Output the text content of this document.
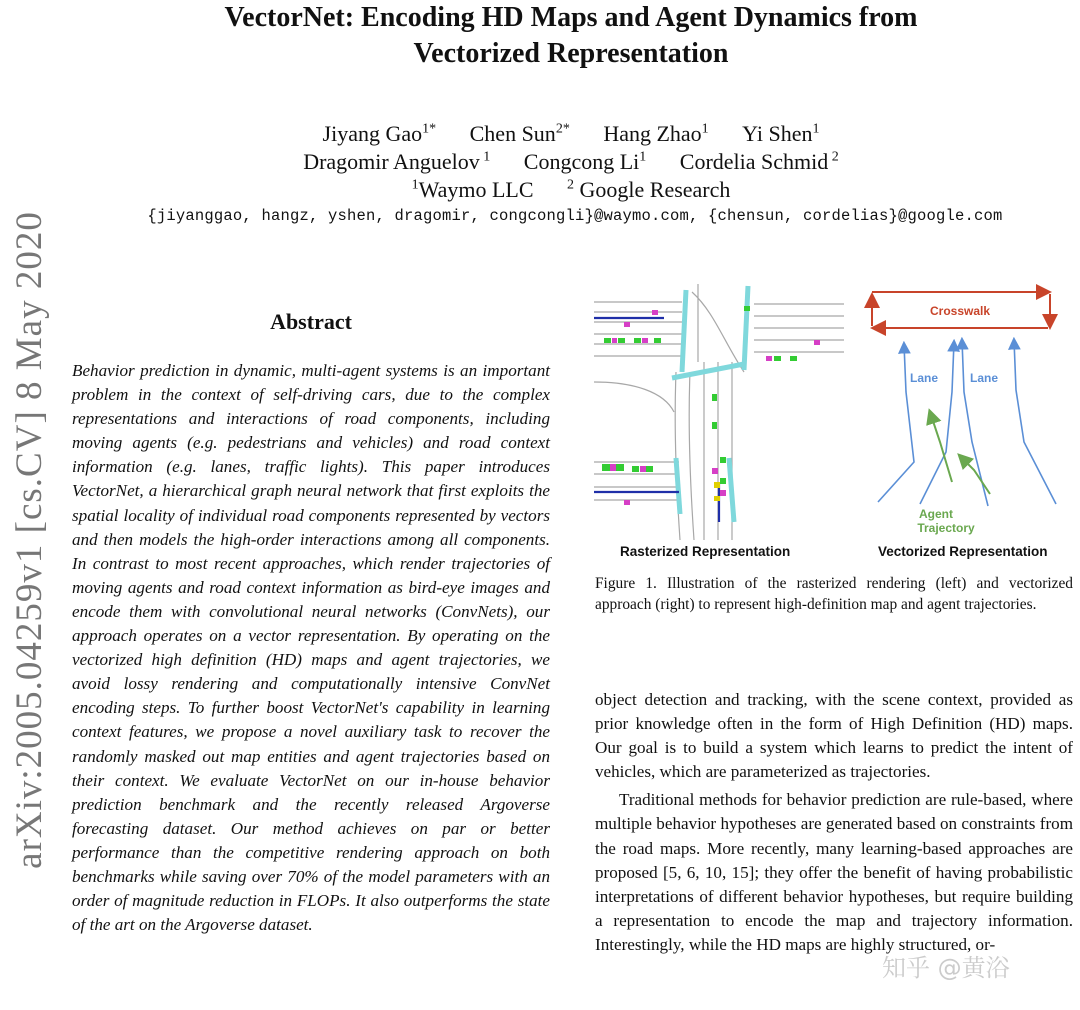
VectorNet: Encoding HD Maps and Agent Dynamics from
Vectorized Representation
Jiyang Gao$^{1*}$ Chen Sun$^{2*}$ Hang Zhao$^1$ Yi Shen$^1$
Dragomir Anguelov $^1$ Congcong Li$^1$ Cordelia Schmid $^2$
$^1$Waymo LLC $^2$ Google Research
{jiyanggao, hangz, yshen, dragomir, congcongli}@waymo.com, {chensun, cordelias}@google.com
arXiv:2005.04259v1 [cs.CV] 8 May 2020	Abstract
Behavior prediction in dynamic, multi-agent systems is an important problem in the context of self-driving cars, due to the complex representations and interactions of road components, including moving agents (e.g. pedestrians and vehicles) and road context information (e.g. lanes, traffic lights). This paper introduces VectorNet, a hierarchical graph neural network that first exploits the spatial locality of individual road components represented by vectors and then models the high-order interactions among all components. In contrast to most recent approaches, which render trajectories of moving agents and road context information as bird-eye images and encode them with convolutional neural networks (ConvNets), our approach operates on a vector representation. By operating on the vectorized high definition (HD) maps and agent trajectories, we avoid lossy rendering and computationally intensive ConvNet encoding steps. To further boost VectorNet's capability in learning context features, we propose a novel auxiliary task to recover the randomly masked out map entities and agent trajectories based on their context. We evaluate VectorNet on our in-house behavior prediction benchmark and the recently released Argoverse forecasting dataset. Our method achieves on par or better performance than the competitive rendering approach on both benchmarks while saving over 70% of the model parameters with an order of magnitude reduction in FLOPs. It also outperforms the state of the art on the Argoverse dataset.
Crosswalk
Lane	Lane
Agent
Trajectory
Rasterized Representation	Vectorized Representation
Figure 1. Illustration of the rasterized rendering (left) and vectorized approach (right) to represent high-definition map and agent trajectories.

object detection and tracking, with the scene context, provided as prior knowledge often in the form of High Definition (HD) maps. Our goal is to build a system which learns to predict the intent of vehicles, which are parameterized as trajectories.

Traditional methods for behavior prediction are rule-based, where multiple behavior hypotheses are generated based on constraints from the road maps. More recently, many learning-based approaches are proposed [5, 6, 10, 15]; they offer the benefit of having probabilistic interpretations of different behavior hypotheses, but require building a representation to encode the map and trajectory information. Interestingly, while the HD maps are highly structured, or-

知乎 @黄浴
